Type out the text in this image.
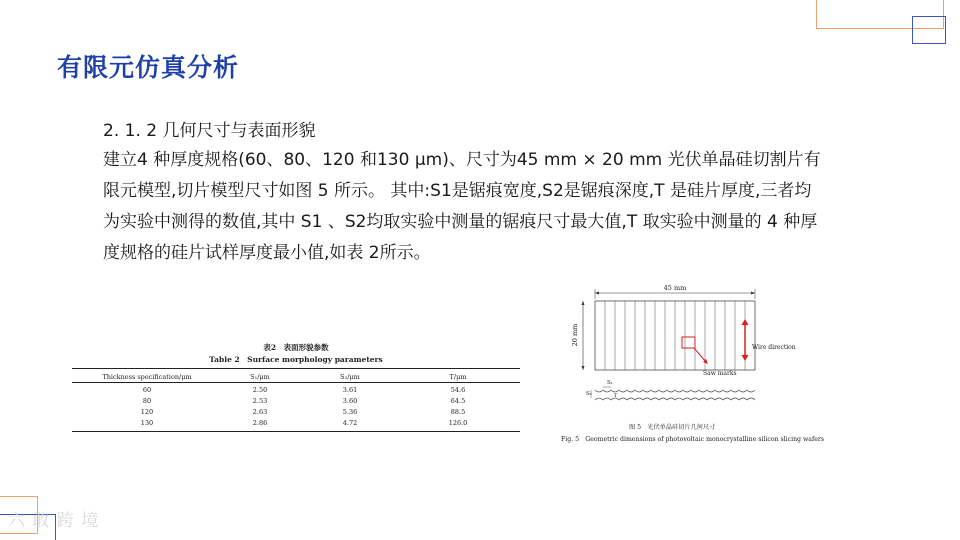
有限元仿真分析
2. 1. 2 几何尺寸与表面形貌
建立4 种厚度规格(60、80、120 和130 μm)、尺寸为45 mm × 20 mm 光伏单晶硅切割片有
限元模型,切片模型尺寸如图 5 所示。 其中:S1是锯痕宽度,S2是锯痕深度,T 是硅片厚度,三者均
为实验中测得的数值,其中 S1 、S2均取实验中测量的锯痕尺寸最大值,T 取实验中测量的 4 种厚
度规格的硅片试样厚度最小值,如表 2所示。
表2　表面形貌参数
Table 2　Surface morphology parameters
Thickness specification/μm	S₁/μm	S₂/μm	T/μm
60	2.50	3.61	54.6
80	2.53	3.60	64.5
120	2.63	5.36	88.5
130	2.86	4.72	126.0
45 mm
20 mm
Saw marks
Wire direction
S₁
S₂	T
图 5　光伏单晶硅切片几何尺寸
Fig. 5　Geometric dimensions of photovoltaic monocrystalline silicon slicing wafers
六 敢 跨 境
